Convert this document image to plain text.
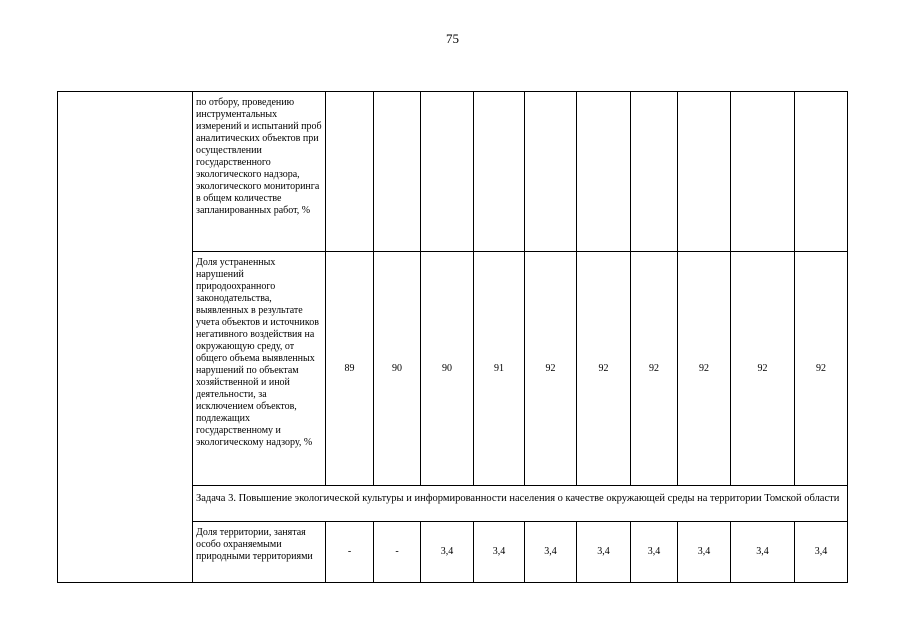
75
	по отбору, проведению инструментальных измерений и испытаний проб аналитических объектов при осуществлении государственного экологического надзора, экологического мониторинга в общем количестве запланированных работ, %										
	Доля устраненных нарушений природоохранного законодательства, выявленных в результате учета объектов и источников негативного воздействия на окружающую среду, от общего объема выявленных нарушений по объектам хозяйственной и иной деятельности, за исключением объектов, подлежащих государственному и экологическому надзору, %	89	90	90	91	92	92	92	92	92	92
	Задача 3. Повышение экологической культуры и информированности населения о качестве окружающей среды на территории Томской области										
	Доля территории, занятая особо охраняемыми природными территориями	-	-	3,4	3,4	3,4	3,4	3,4	3,4	3,4	3,4
